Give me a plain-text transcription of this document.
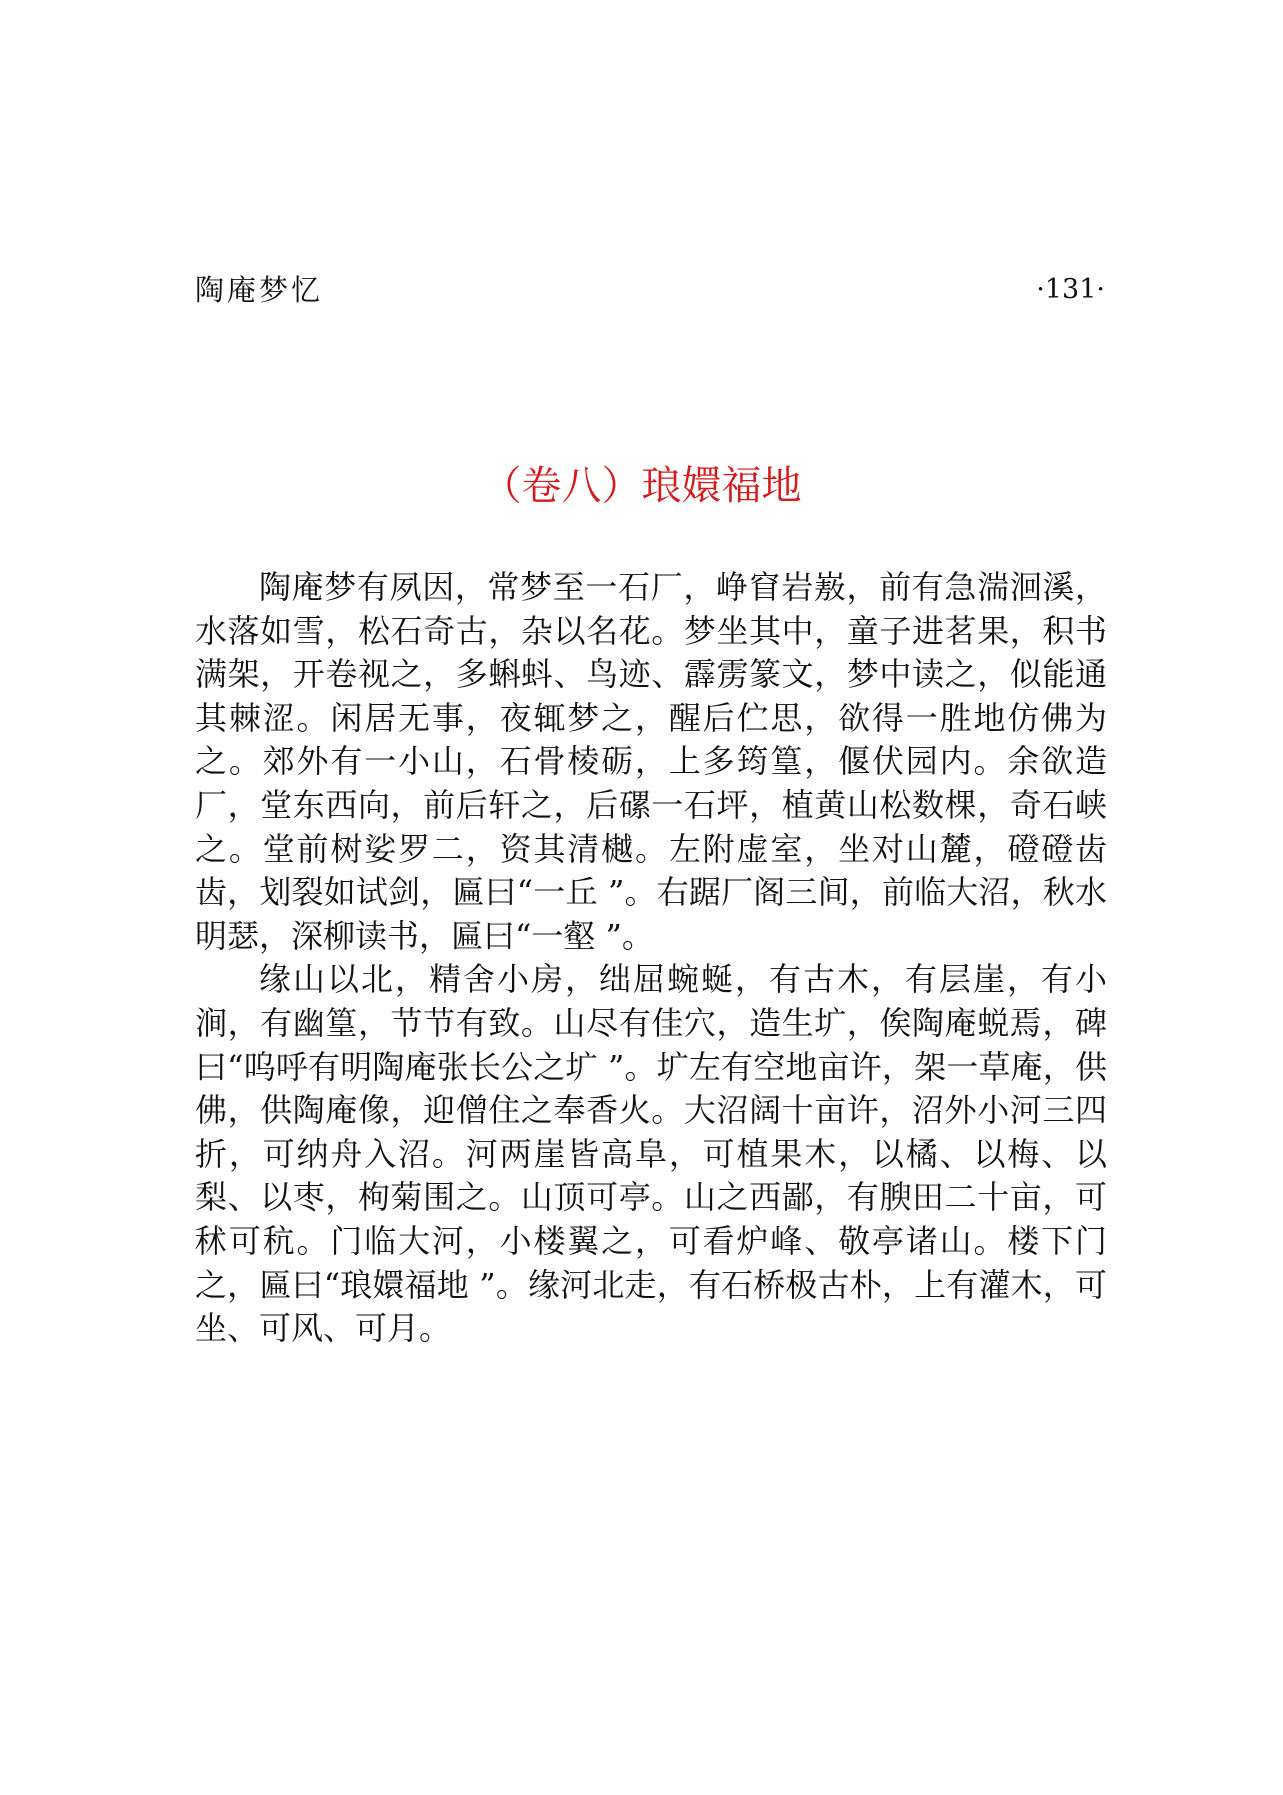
陶庵梦忆	·131·
（卷八）琅嬛福地

陶庵梦有夙因，常梦至一石厂，峥窅岩㟼，前有急湍洄溪，水落如雪，松石奇古，杂以名花。梦坐其中，童子进茗果，积书满架，开卷视之，多蝌蚪、鸟迹、霹雳篆文，梦中读之，似能通其棘涩。闲居无事，夜辄梦之，醒后伫思，欲得一胜地仿佛为之。郊外有一小山，石骨棱砺，上多筠篁，偃伏园内。余欲造厂，堂东西向，前后轩之，后磥一石坪，植黄山松数棵，奇石峡之。堂前树娑罗二，资其清樾。左附虚室，坐对山麓，磴磴齿齿，划裂如试剑，匾曰“一丘 ”。右踞厂阁三间，前临大沼，秋水明瑟，深柳读书，匾曰“一壑 ”。

缘山以北，精舍小房，绌屈蜿蜒，有古木，有层崖，有小涧，有幽篁，节节有致。山尽有佳穴，造生圹，俟陶庵蜕焉，碑曰“呜呼有明陶庵张长公之圹 ”。圹左有空地亩许，架一草庵，供佛，供陶庵像，迎僧住之奉香火。大沼阔十亩许，沼外小河三四折，可纳舟入沼。河两崖皆高阜，可植果木，以橘、以梅、以梨、以枣，枸菊围之。山顶可亭。山之西鄙，有腴田二十亩，可秫可秔。门临大河，小楼翼之，可看炉峰、敬亭诸山。楼下门之，匾曰“琅嬛福地 ”。缘河北走，有石桥极古朴，上有灌木，可坐、可风、可月。
